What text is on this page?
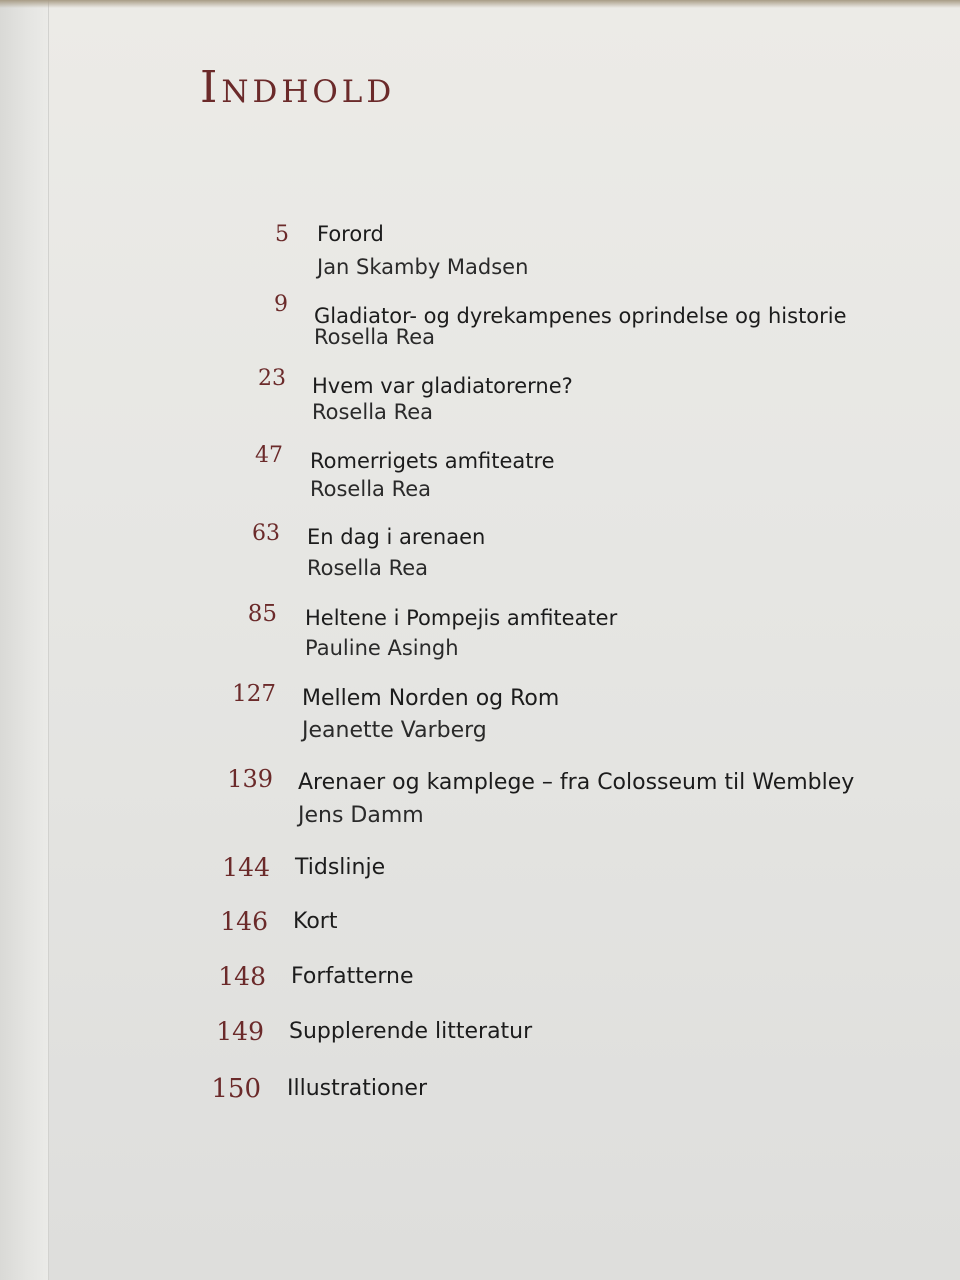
Indhold
5 Forord
Jan Skamby Madsen
9 Gladiator- og dyrekampenes oprindelse og historie
Rosella Rea
23 Hvem var gladiatorerne?
Rosella Rea
47 Romerrigets amfiteatre
Rosella Rea
63 En dag i arenaen
Rosella Rea
85 Heltene i Pompejis amfiteater
Pauline Asingh
127 Mellem Norden og Rom
Jeanette Varberg
139 Arenaer og kamplege – fra Colosseum til Wembley
Jens Damm
144 Tidslinje
146 Kort
148 Forfatterne
149 Supplerende litteratur
150 Illustrationer
